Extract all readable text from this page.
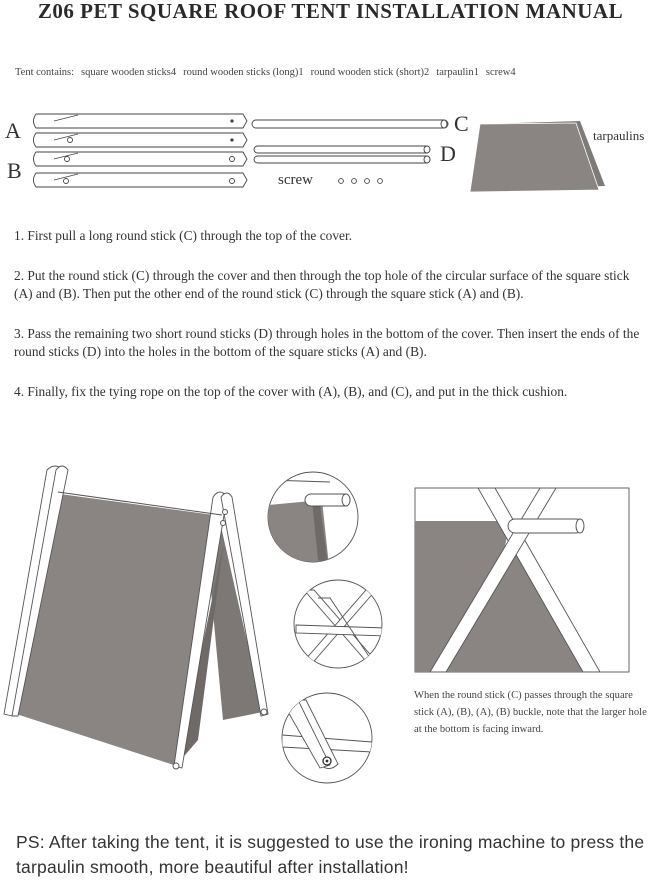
Z06 PET SQUARE ROOF TENT INSTALLATION MANUAL
Tent contains: square wooden sticks4 round wooden sticks (long)1 round wooden stick (short)2 tarpaulin1 screw4
A
B
C
D
screw
tarpaulins

1. First pull a long round stick (C) through the top of the cover.

2. Put the round stick (C) through the cover and then through the top hole of the circular surface of the square stick (A) and (B). Then put the other end of the round stick (C) through the square stick (A) and (B).

3. Pass the remaining two short round sticks (D) through holes in the bottom of the cover. Then insert the ends of the round sticks (D) into the holes in the bottom of the square sticks (A) and (B).

4. Finally, fix the tying rope on the top of the cover with (A), (B), and (C), and put in the thick cushion.

When the round stick (C) passes through the square stick (A), (B), (A), (B) buckle, note that the larger hole at the bottom is facing inward.
PS: After taking the tent, it is suggested to use the ironing machine to press the tarpaulin smooth, more beautiful after installation!
